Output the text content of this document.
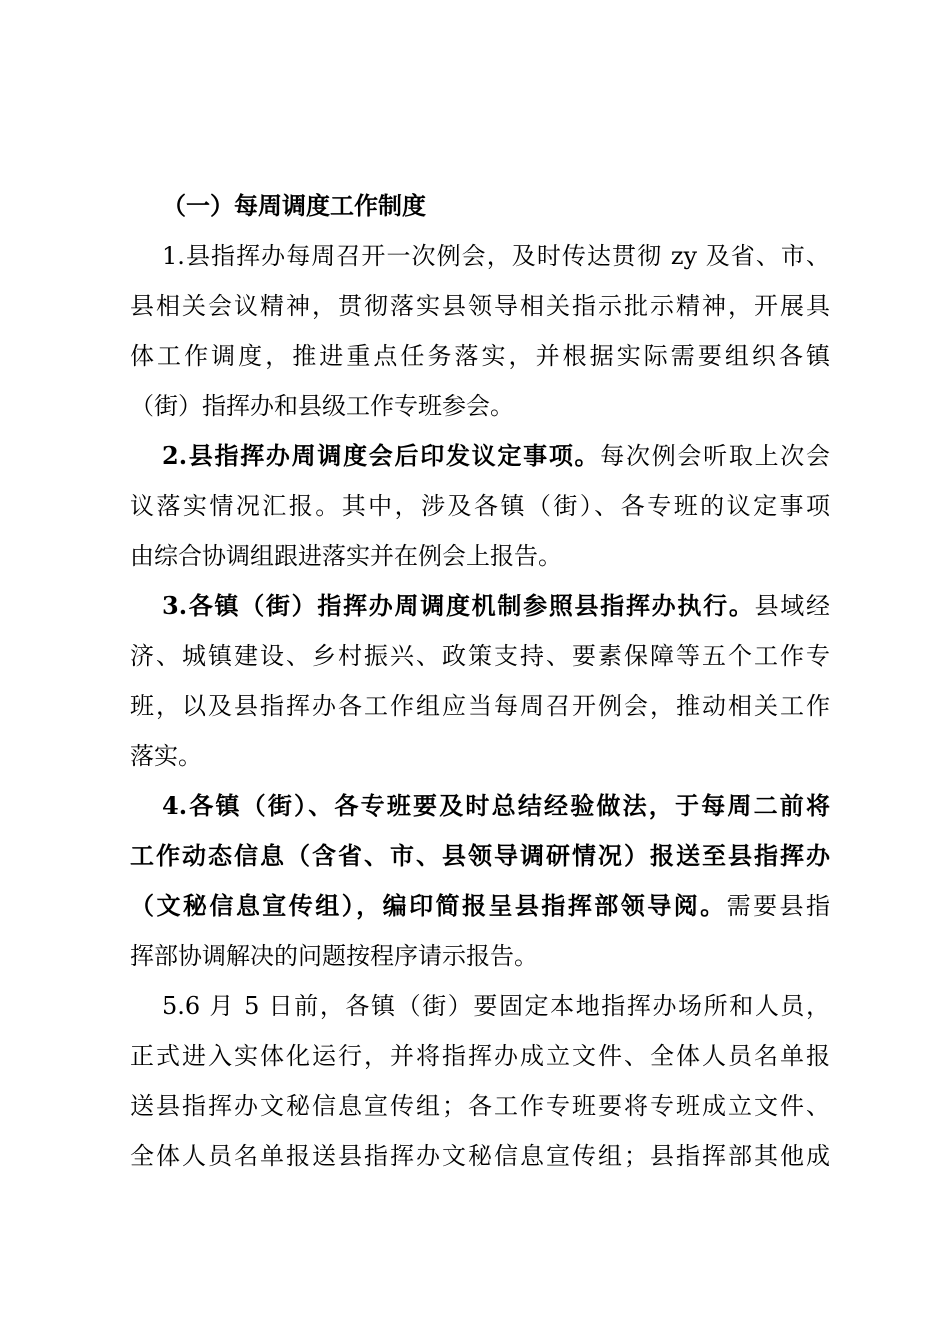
（一）每周调度工作制度
1.县指挥办每周召开一次例会，及时传达贯彻 zy 及省、市、
县相关会议精神，贯彻落实县领导相关指示批示精神，开展具
体工作调度，推进重点任务落实，并根据实际需要组织各镇
（街）指挥办和县级工作专班参会。
2.县指挥办周调度会后印发议定事项。每次例会听取上次会
议落实情况汇报。其中，涉及各镇（街）、各专班的议定事项
由综合协调组跟进落实并在例会上报告。
3.各镇（街）指挥办周调度机制参照县指挥办执行。县域经
济、城镇建设、乡村振兴、政策支持、要素保障等五个工作专
班，以及县指挥办各工作组应当每周召开例会，推动相关工作
落实。
4.各镇（街）、各专班要及时总结经验做法，于每周二前将
工作动态信息（含省、市、县领导调研情况）报送至县指挥办
（文秘信息宣传组），编印简报呈县指挥部领导阅。需要县指
挥部协调解决的问题按程序请示报告。
5.6 月 5 日前，各镇（街）要固定本地指挥办场所和人员，
正式进入实体化运行，并将指挥办成立文件、全体人员名单报
送县指挥办文秘信息宣传组；各工作专班要将专班成立文件、
全体人员名单报送县指挥办文秘信息宣传组；县指挥部其他成
